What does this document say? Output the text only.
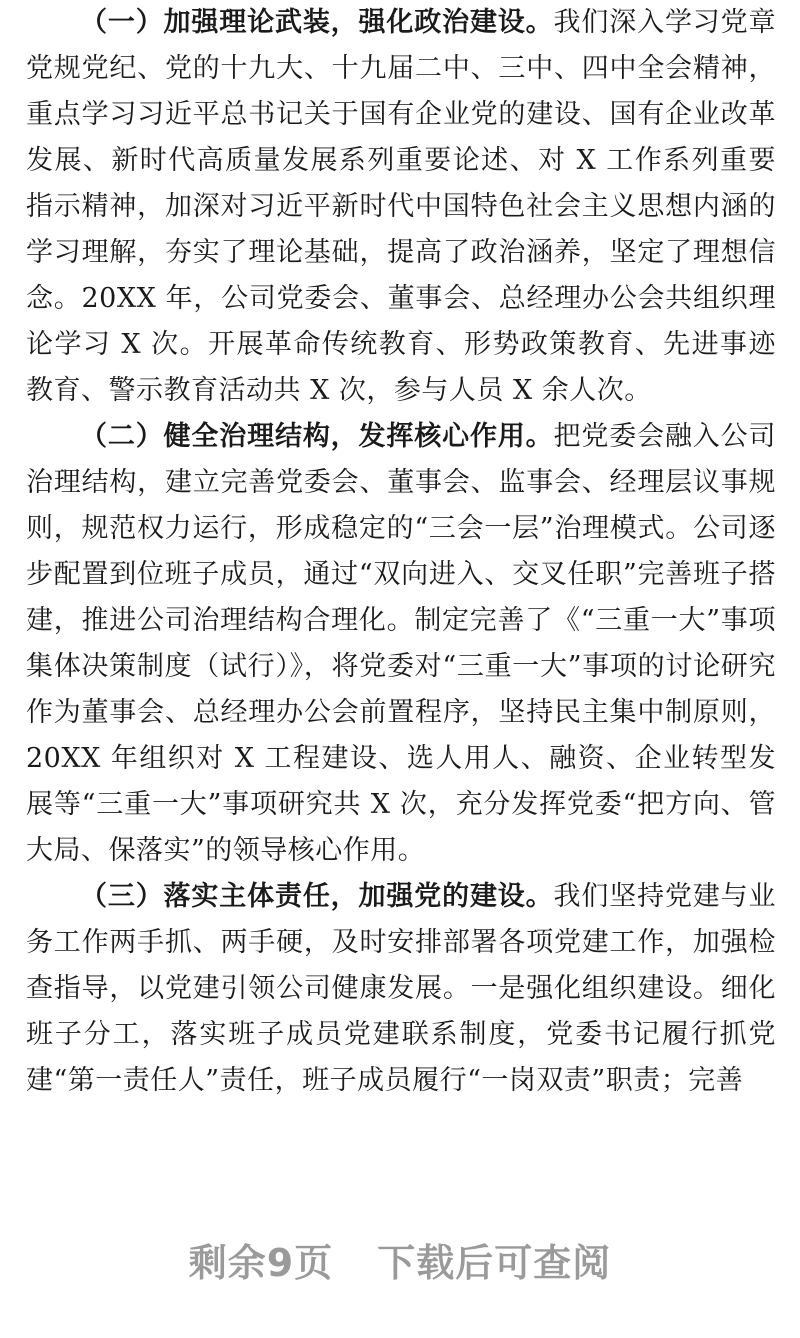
（一）加强理论武装，强化政治建设。我们深入学习党章党规党纪、党的十九大、十九届二中、三中、四中全会精神，重点学习习近平总书记关于国有企业党的建设、国有企业改革发展、新时代高质量发展系列重要论述、对 X 工作系列重要指示精神，加深对习近平新时代中国特色社会主义思想内涵的学习理解，夯实了理论基础，提高了政治涵养，坚定了理想信念。20XX 年，公司党委会、董事会、总经理办公会共组织理论学习 X 次。开展革命传统教育、形势政策教育、先进事迹教育、警示教育活动共 X 次，参与人员 X 余人次。

（二）健全治理结构，发挥核心作用。把党委会融入公司治理结构，建立完善党委会、董事会、监事会、经理层议事规则，规范权力运行，形成稳定的“三会一层”治理模式。公司逐步配置到位班子成员，通过“双向进入、交叉任职”完善班子搭建，推进公司治理结构合理化。制定完善了《“三重一大”事项集体决策制度（试行）》，将党委对“三重一大”事项的讨论研究作为董事会、总经理办公会前置程序，坚持民主集中制原则，20XX 年组织对 X 工程建设、选人用人、融资、企业转型发展等“三重一大”事项研究共 X 次，充分发挥党委“把方向、管大局、保落实”的领导核心作用。

（三）落实主体责任，加强党的建设。我们坚持党建与业务工作两手抓、两手硬，及时安排部署各项党建工作，加强检查指导，以党建引领公司健康发展。一是强化组织建设。细化班子分工，落实班子成员党建联系制度，党委书记履行抓党建“第一责任人”责任，班子成员履行“一岗双责”职责；完善

剩余9页 下载后可查阅
